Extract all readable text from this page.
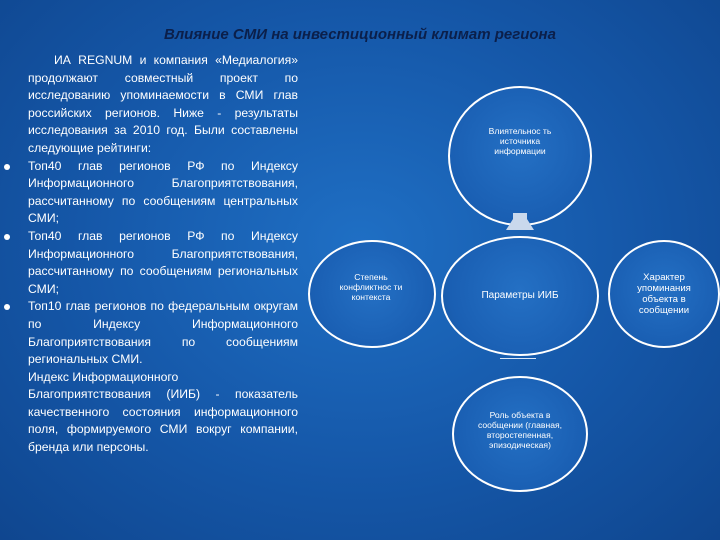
Влияние СМИ на инвестиционный климат региона
ИА REGNUM и компания «Медиалогия» продолжают совместный проект по исследованию упоминаемости в СМИ глав российских регионов. Ниже - результаты исследования за 2010 год. Были составлены следующие рейтинги:
Топ40 глав регионов РФ по Индексу Информационного Благоприятствования, рассчитанному по сообщениям центральных СМИ;
Топ40 глав регионов РФ по Индексу Информационного Благоприятствования, рассчитанному по сообщениям региональных СМИ;
Топ10 глав регионов по федеральным округам по Индексу Информационного Благоприятствования по сообщениям региональных СМИ.
Индекс Информационного
Благоприятствования (ИИБ) - показатель качественного состояния информационного поля, формируемого СМИ вокруг компании, бренда или персоны.
Влиятельнос ть источника информации
Параметры ИИБ
Степень конфликтнос ти контекста
Характер упоминания объекта в сообщении
Роль объекта в сообщении (главная, второстепенная, эпизодическая)
